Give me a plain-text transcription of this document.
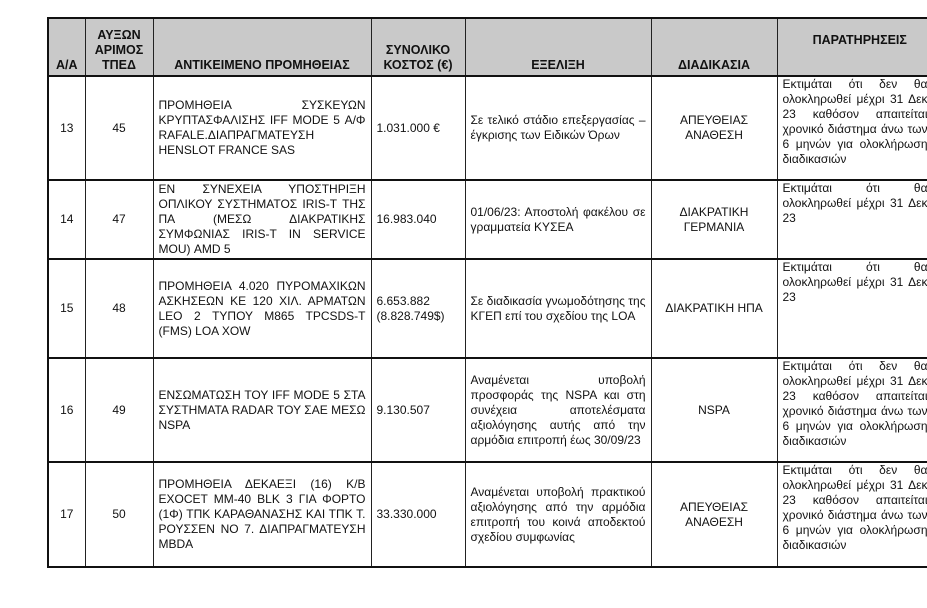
Α/Α	ΑΥΞΩΝ ΑΡΙΜΟΣ ΤΠΕΔ	ΑΝΤΙΚΕΙΜΕΝΟ ΠΡΟΜΗΘΕΙΑΣ	ΣΥΝΟΛΙΚΟ ΚΟΣΤΟΣ (€)	ΕΞΕΛΙΞΗ	ΔΙΑΔΙΚΑΣΙΑ	ΠΑΡΑΤΗΡΗΣΕΙΣ
13	45	ΠΡΟΜΗΘΕΙΑ ΣΥΣΚΕΥΩΝ ΚΡΥΠΤΑΣΦΑΛΙΣΗΣ IFF MODE 5 Α/Φ RAFALE.ΔΙΑΠΡΑΓΜΑΤΕΥΣΗ HENSLOT FRANCE SAS	1.031.000 €	Σε τελικό στάδιο επεξεργασίας – έγκρισης των Ειδικών Όρων	ΑΠΕΥΘΕΙΑΣ ΑΝΑΘΕΣΗ	Εκτιμάται ότι δεν θα ολοκληρωθεί μέχρι 31 Δεκ 23 καθόσον απαιτείται χρονικό διάστημα άνω των 6 μηνών για ολοκλήρωση διαδικασιών

14	47	ΕΝ ΣΥΝΕΧΕΙΑ ΥΠΟΣΤΗΡΙΞΗ ΟΠΛΙΚΟΥ ΣΥΣΤΗΜΑΤΟΣ IRIS-T ΤΗΣ ΠΑ (ΜΕΣΩ ΔΙΑΚΡΑΤΙΚΗΣ ΣΥΜΦΩΝΙΑΣ IRIS-T IN SERVICE MOU) AMD 5	16.983.040	01/06/23: Αποστολή φακέλου σε γραμματεία ΚΥΣΕΑ	ΔΙΑΚΡΑΤΙΚΗ ΓΕΡΜΑΝΙΑ	Εκτιμάται ότι θα ολοκληρωθεί μέχρι 31 Δεκ 23

15	48	ΠΡΟΜΗΘΕΙΑ 4.020 ΠΥΡΟΜΑΧΙΚΩΝ ΑΣΚΗΣΕΩΝ ΚΕ 120 ΧΙΛ. ΑΡΜΑΤΩΝ LEO 2 ΤΥΠΟΥ M865 TPCSDS-T (FMS) LOA XOW	6.653.882 (8.828.749$)	Σε διαδικασία γνωμοδότησης της ΚΓΕΠ επί του σχεδίου της LOA	ΔΙΑΚΡΑΤΙΚΗ ΗΠΑ	Εκτιμάται ότι θα ολοκληρωθεί μέχρι 31 Δεκ 23

16	49	ΕΝΣΩΜΑΤΩΣΗ ΤΟΥ IFF MODE 5 ΣΤΑ ΣΥΣΤΗΜΑΤΑ RADAR ΤΟΥ ΣΑΕ ΜΕΣΩ NSPA	9.130.507	Αναμένεται υποβολή προσφοράς της NSPA και στη συνέχεια αποτελέσματα αξιολόγησης αυτής από την αρμόδια επιτροπή έως 30/09/23	NSPA	Εκτιμάται ότι δεν θα ολοκληρωθεί μέχρι 31 Δεκ 23 καθόσον απαιτείται χρονικό διάστημα άνω των 6 μηνών για ολοκλήρωση διαδικασιών

17	50	ΠΡΟΜΗΘΕΙΑ ΔΕΚΑΕΞΙ (16) Κ/Β EXOCET MM-40 BLK 3 ΓΙΑ ΦΟΡΤΟ (1Φ) ΤΠΚ ΚΑΡΑΘΑΝΑΣΗΣ ΚΑΙ ΤΠΚ Τ. ΡΟΥΣΣΕΝ ΝΟ 7. ΔΙΑΠΡΑΓΜΑΤΕΥΣΗ MBDA	33.330.000	Αναμένεται υποβολή πρακτικού αξιολόγησης από την αρμόδια επιτροπή του κοινά αποδεκτού σχεδίου συμφωνίας	ΑΠΕΥΘΕΙΑΣ ΑΝΑΘΕΣΗ	Εκτιμάται ότι δεν θα ολοκληρωθεί μέχρι 31 Δεκ 23 καθόσον απαιτείται χρονικό διάστημα άνω των 6 μηνών για ολοκλήρωση διαδικασιών
